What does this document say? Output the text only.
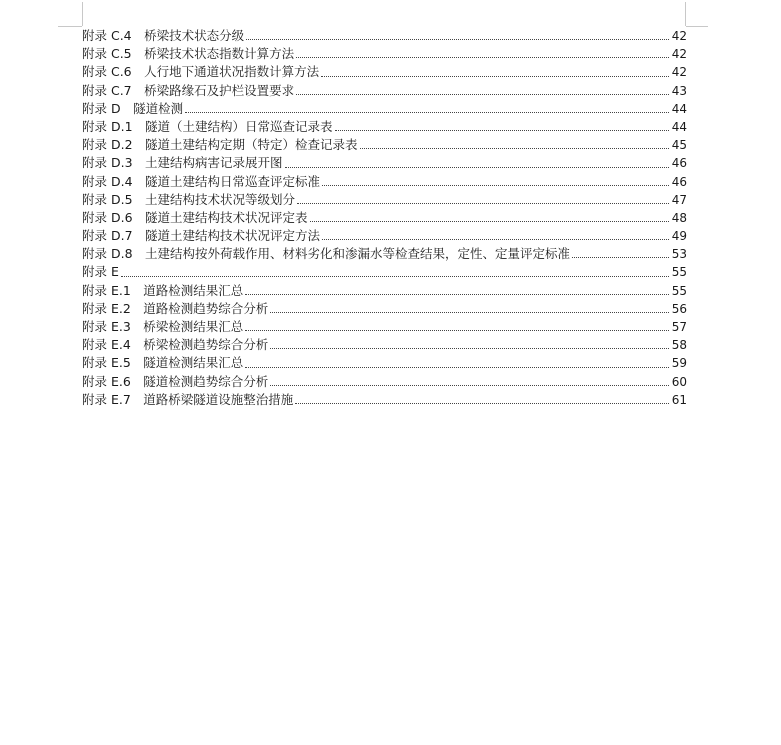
附录 C.4　桥梁技术状态分级	42
附录 C.5　桥梁技术状态指数计算方法	42
附录 C.6　人行地下通道状况指数计算方法	42
附录 C.7　桥梁路缘石及护栏设置要求	43
附录 D　隧道检测	44
附录 D.1　隧道（土建结构）日常巡查记录表	44
附录 D.2　隧道土建结构定期（特定）检查记录表	45
附录 D.3　土建结构病害记录展开图	46
附录 D.4　隧道土建结构日常巡查评定标准	46
附录 D.5　土建结构技术状况等级划分	47
附录 D.6　隧道土建结构技术状况评定表	48
附录 D.7　隧道土建结构技术状况评定方法	49
附录 D.8　土建结构按外荷载作用、材料劣化和渗漏水等检查结果，定性、定量评定标准	53
附录 E	55
附录 E.1　道路检测结果汇总	55
附录 E.2　道路检测趋势综合分析	56
附录 E.3　桥梁检测结果汇总	57
附录 E.4　桥梁检测趋势综合分析	58
附录 E.5　隧道检测结果汇总	59
附录 E.6　隧道检测趋势综合分析	60
附录 E.7　道路桥梁隧道设施整治措施	61
